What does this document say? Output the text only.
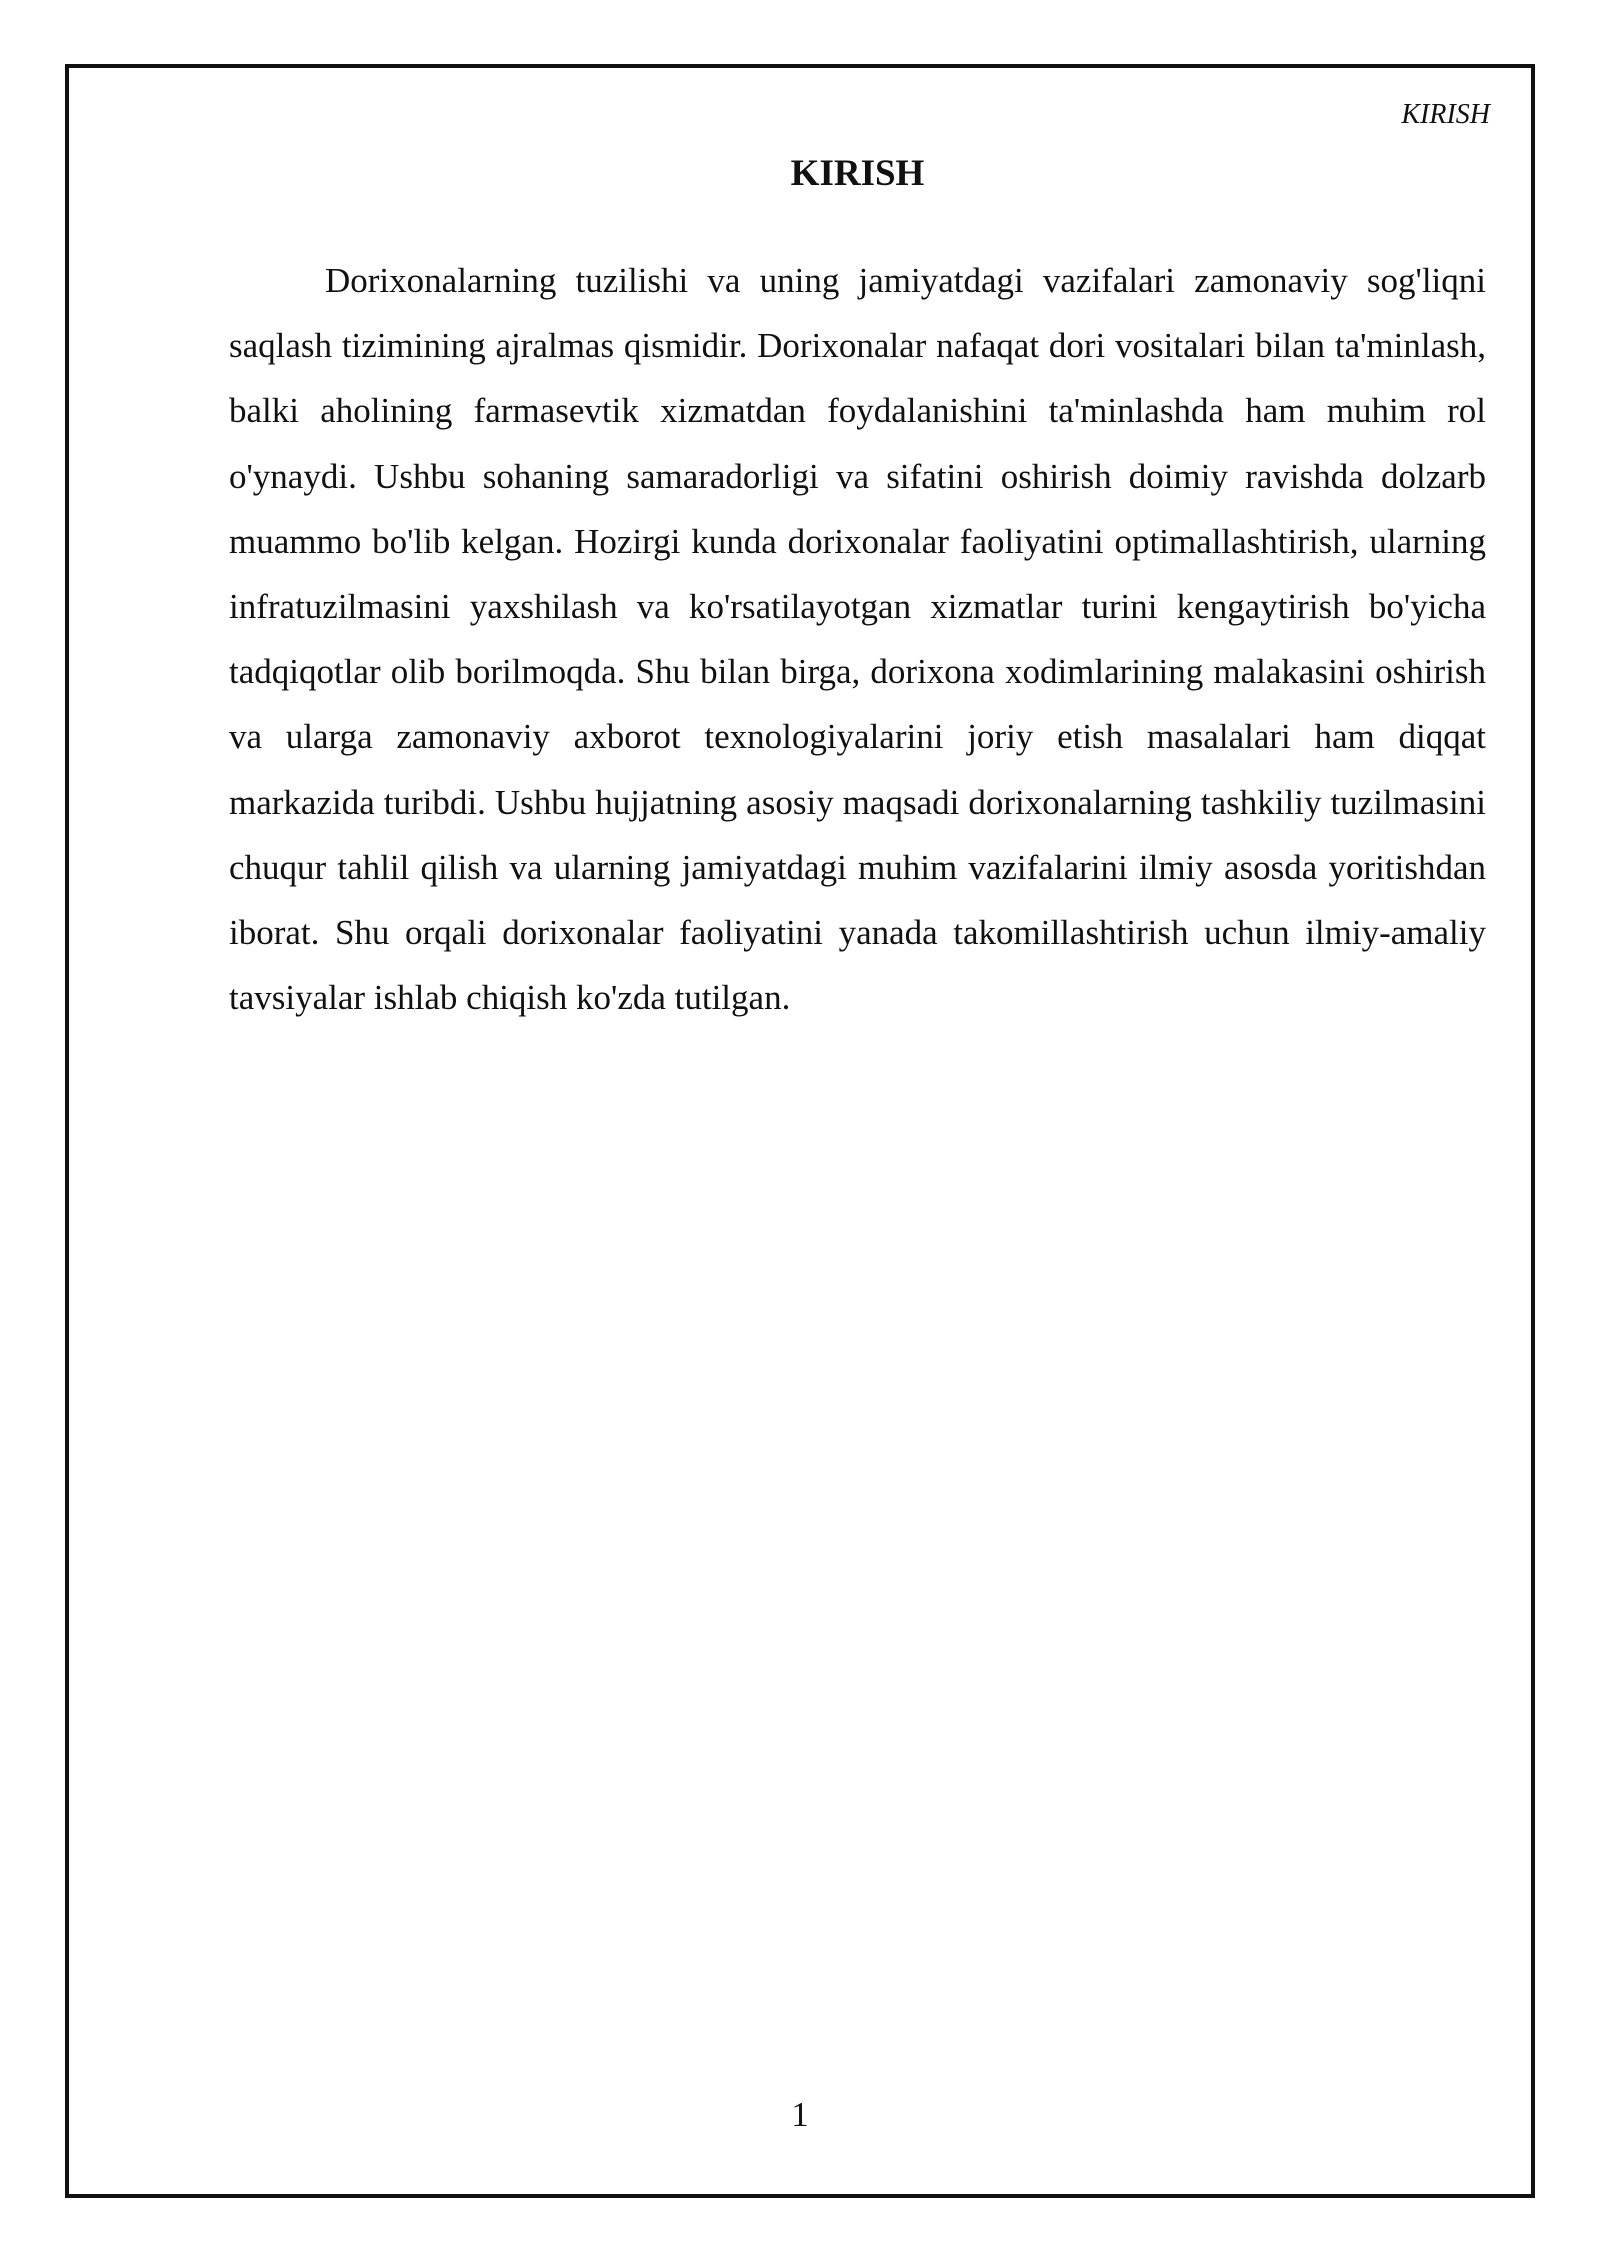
KIRISH
KIRISH

Dorixonalarning tuzilishi va uning jamiyatdagi vazifalari zamonaviy sog'liqni saqlash tizimining ajralmas qismidir. Dorixonalar nafaqat dori vositalari bilan ta'minlash, balki aholining farmasevtik xizmatdan foydalanishini ta'minlashda ham muhim rol o'ynaydi. Ushbu sohaning samaradorligi va sifatini oshirish doimiy ravishda dolzarb muammo bo'lib kelgan. Hozirgi kunda dorixonalar faoliyatini optimallashtirish, ularning infratuzilmasini yaxshilash va ko'rsatilayotgan xizmatlar turini kengaytirish bo'yicha tadqiqotlar olib borilmoqda. Shu bilan birga, dorixona xodimlarining malakasini oshirish va ularga zamonaviy axborot texnologiyalarini joriy etish masalalari ham diqqat markazida turibdi. Ushbu hujjatning asosiy maqsadi dorixonalarning tashkiliy tuzilmasini chuqur tahlil qilish va ularning jamiyatdagi muhim vazifalarini ilmiy asosda yoritishdan iborat. Shu orqali dorixonalar faoliyatini yanada takomillashtirish uchun ilmiy-amaliy tavsiyalar ishlab chiqish ko'zda tutilgan.

1
